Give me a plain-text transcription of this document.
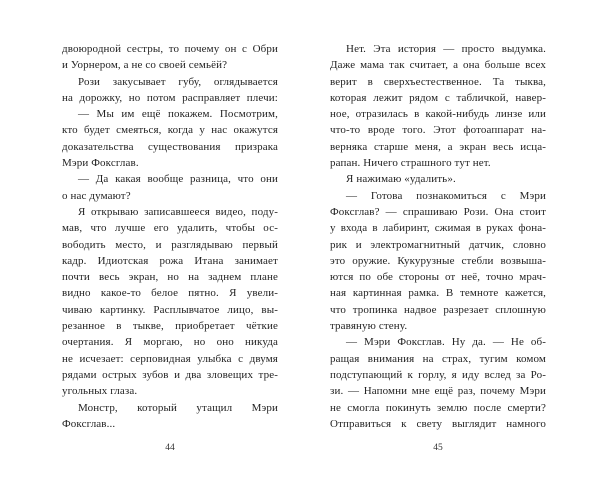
двоюродной сестры, то почему он с Обри
и Уорнером, а не со своей семьёй?
Рози закусывает губу, оглядывается
на дорожку, но потом расправляет плечи:
— Мы им ещё покажем. Посмотрим,
кто будет смеяться, когда у нас окажутся
доказательства существования призрака
Мэри Фоксглав.
— Да какая вообще разница, что они
о нас думают?
Я открываю записавшееся видео, поду-
мав, что лучше его удалить, чтобы ос-
вободить место, и разглядываю первый
кадр. Идиотская рожа Итана занимает
почти весь экран, но на заднем плане
видно какое-то белое пятно. Я увели-
чиваю картинку. Расплывчатое лицо, вы-
резанное в тыкве, приобретает чёткие
очертания. Я моргаю, но оно никуда
не исчезает: серповидная улыбка с двумя
рядами острых зубов и два зловещих тре-
угольных глаза.
Монстр, который утащил Мэри
Фоксглав...
Нет. Эта история — просто выдумка.
Даже мама так считает, а она больше всех
верит в сверхъестественное. Та тыква,
которая лежит рядом с табличкой, навер-
ное, отразилась в какой-нибудь линзе или
что-то вроде того. Этот фотоаппарат на-
верняка старше меня, а экран весь исца-
рапан. Ничего страшного тут нет.
Я нажимаю «удалить».
— Готова познакомиться с Мэри
Фоксглав? — спрашиваю Рози. Она стоит
у входа в лабиринт, сжимая в руках фона-
рик и электромагнитный датчик, словно
это оружие. Кукурузные стебли возвыша-
ются по обе стороны от неё, точно мрач-
ная картинная рамка. В темноте кажется,
что тропинка надвое разрезает сплошную
травяную стену.
— Мэри Фоксглав. Ну да. — Не об-
ращая внимания на страх, тугим комом
подступающий к горлу, я иду вслед за Ро-
зи. — Напомни мне ещё раз, почему Мэри
не смогла покинуть землю после смерти?
Отправиться к свету выглядит намного
44	45
